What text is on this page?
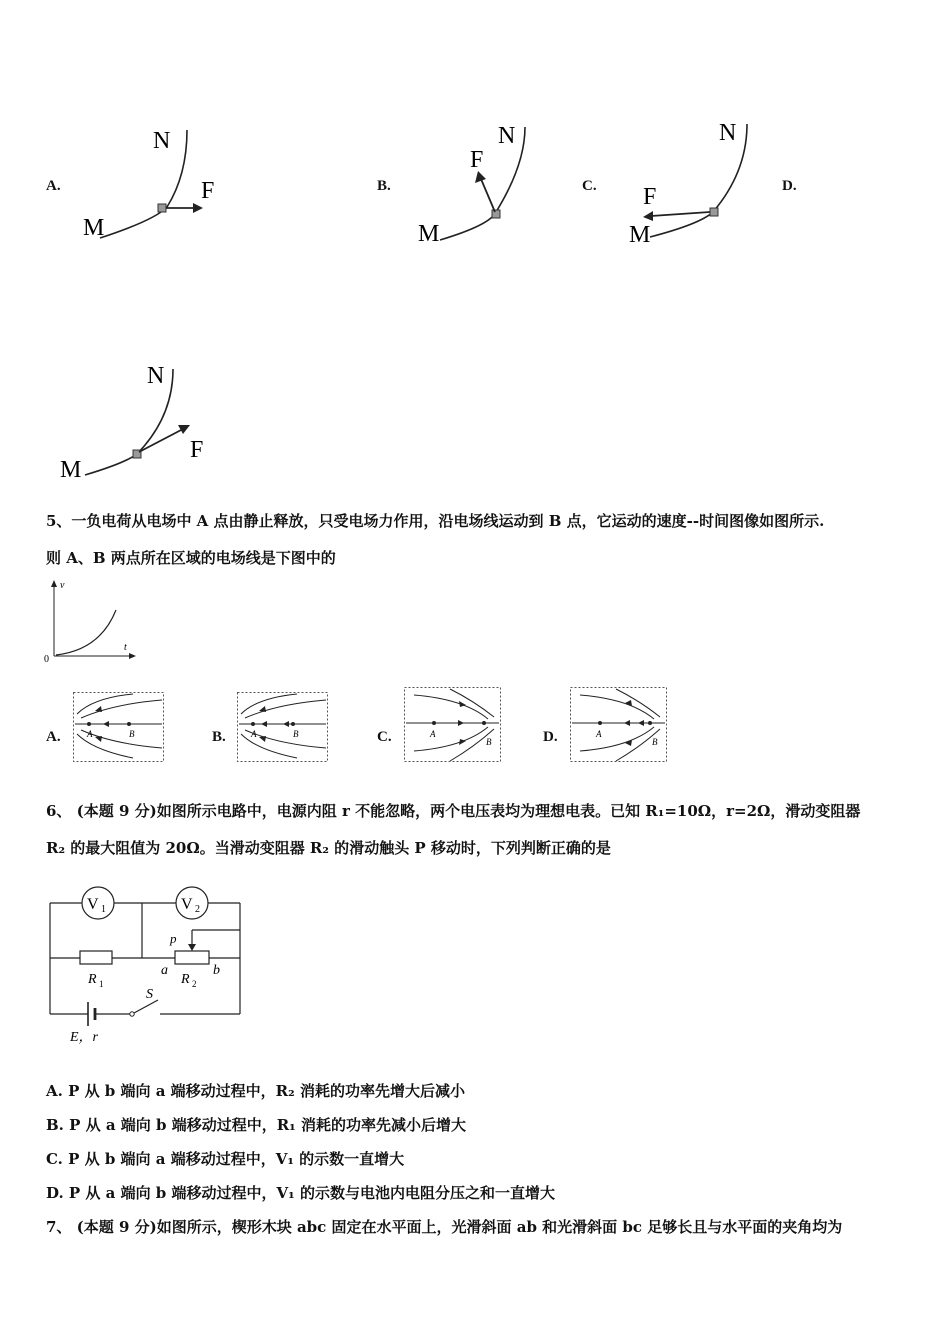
A.
N
M
F	B.
N
M
F
C.
N
M
F	D.
N
M
F
5、一负电荷从电场中 A 点由静止释放，只受电场力作用，沿电场线运动到 B 点，它运动的速度--时间图像如图所示.
则 A、B 两点所在区域的电场线是下图中的
v
t
0
A.	A	B	B.	A	B	C.	A
B	D.	A
B
6、 (本题 9 分)如图所示电路中，电源内阻 r 不能忽略，两个电压表均为理想电表。已知 R₁=10Ω，r=2Ω，滑动变阻器
R₂ 的最大阻值为 20Ω。当滑动变阻器 R₂ 的滑动触头 P 移动时，下列判断正确的是
V 1	V 2
p
R 1
a
R 2
b
S
E，r
A. P 从 b 端向 a 端移动过程中，R₂ 消耗的功率先增大后减小
B. P 从 a 端向 b 端移动过程中，R₁ 消耗的功率先减小后增大
C. P 从 b 端向 a 端移动过程中，V₁ 的示数一直增大
D. P 从 a 端向 b 端移动过程中，V₁ 的示数与电池内电阻分压之和一直增大
7、 (本题 9 分)如图所示，楔形木块 abc 固定在水平面上，光滑斜面 ab 和光滑斜面 bc 足够长且与水平面的夹角均为
